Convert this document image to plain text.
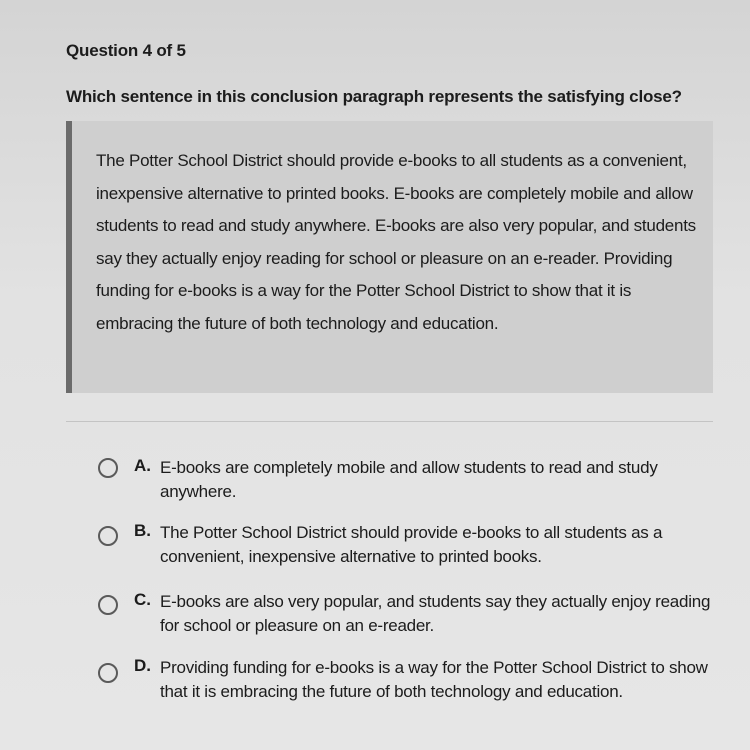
Question 4 of 5
Which sentence in this conclusion paragraph represents the satisfying close?

The Potter School District should provide e-books to all students as a convenient, inexpensive alternative to printed books. E-books are completely mobile and allow students to read and study anywhere. E-books are also very popular, and students say they actually enjoy reading for school or pleasure on an e-reader. Providing funding for e-books is a way for the Potter School District to show that it is embracing the future of both technology and education.

A. E-books are completely mobile and allow students to read and study anywhere.
B. The Potter School District should provide e-books to all students as a convenient, inexpensive alternative to printed books.
C. E-books are also very popular, and students say they actually enjoy reading for school or pleasure on an e-reader.
D. Providing funding for e-books is a way for the Potter School District to show that it is embracing the future of both technology and education.
